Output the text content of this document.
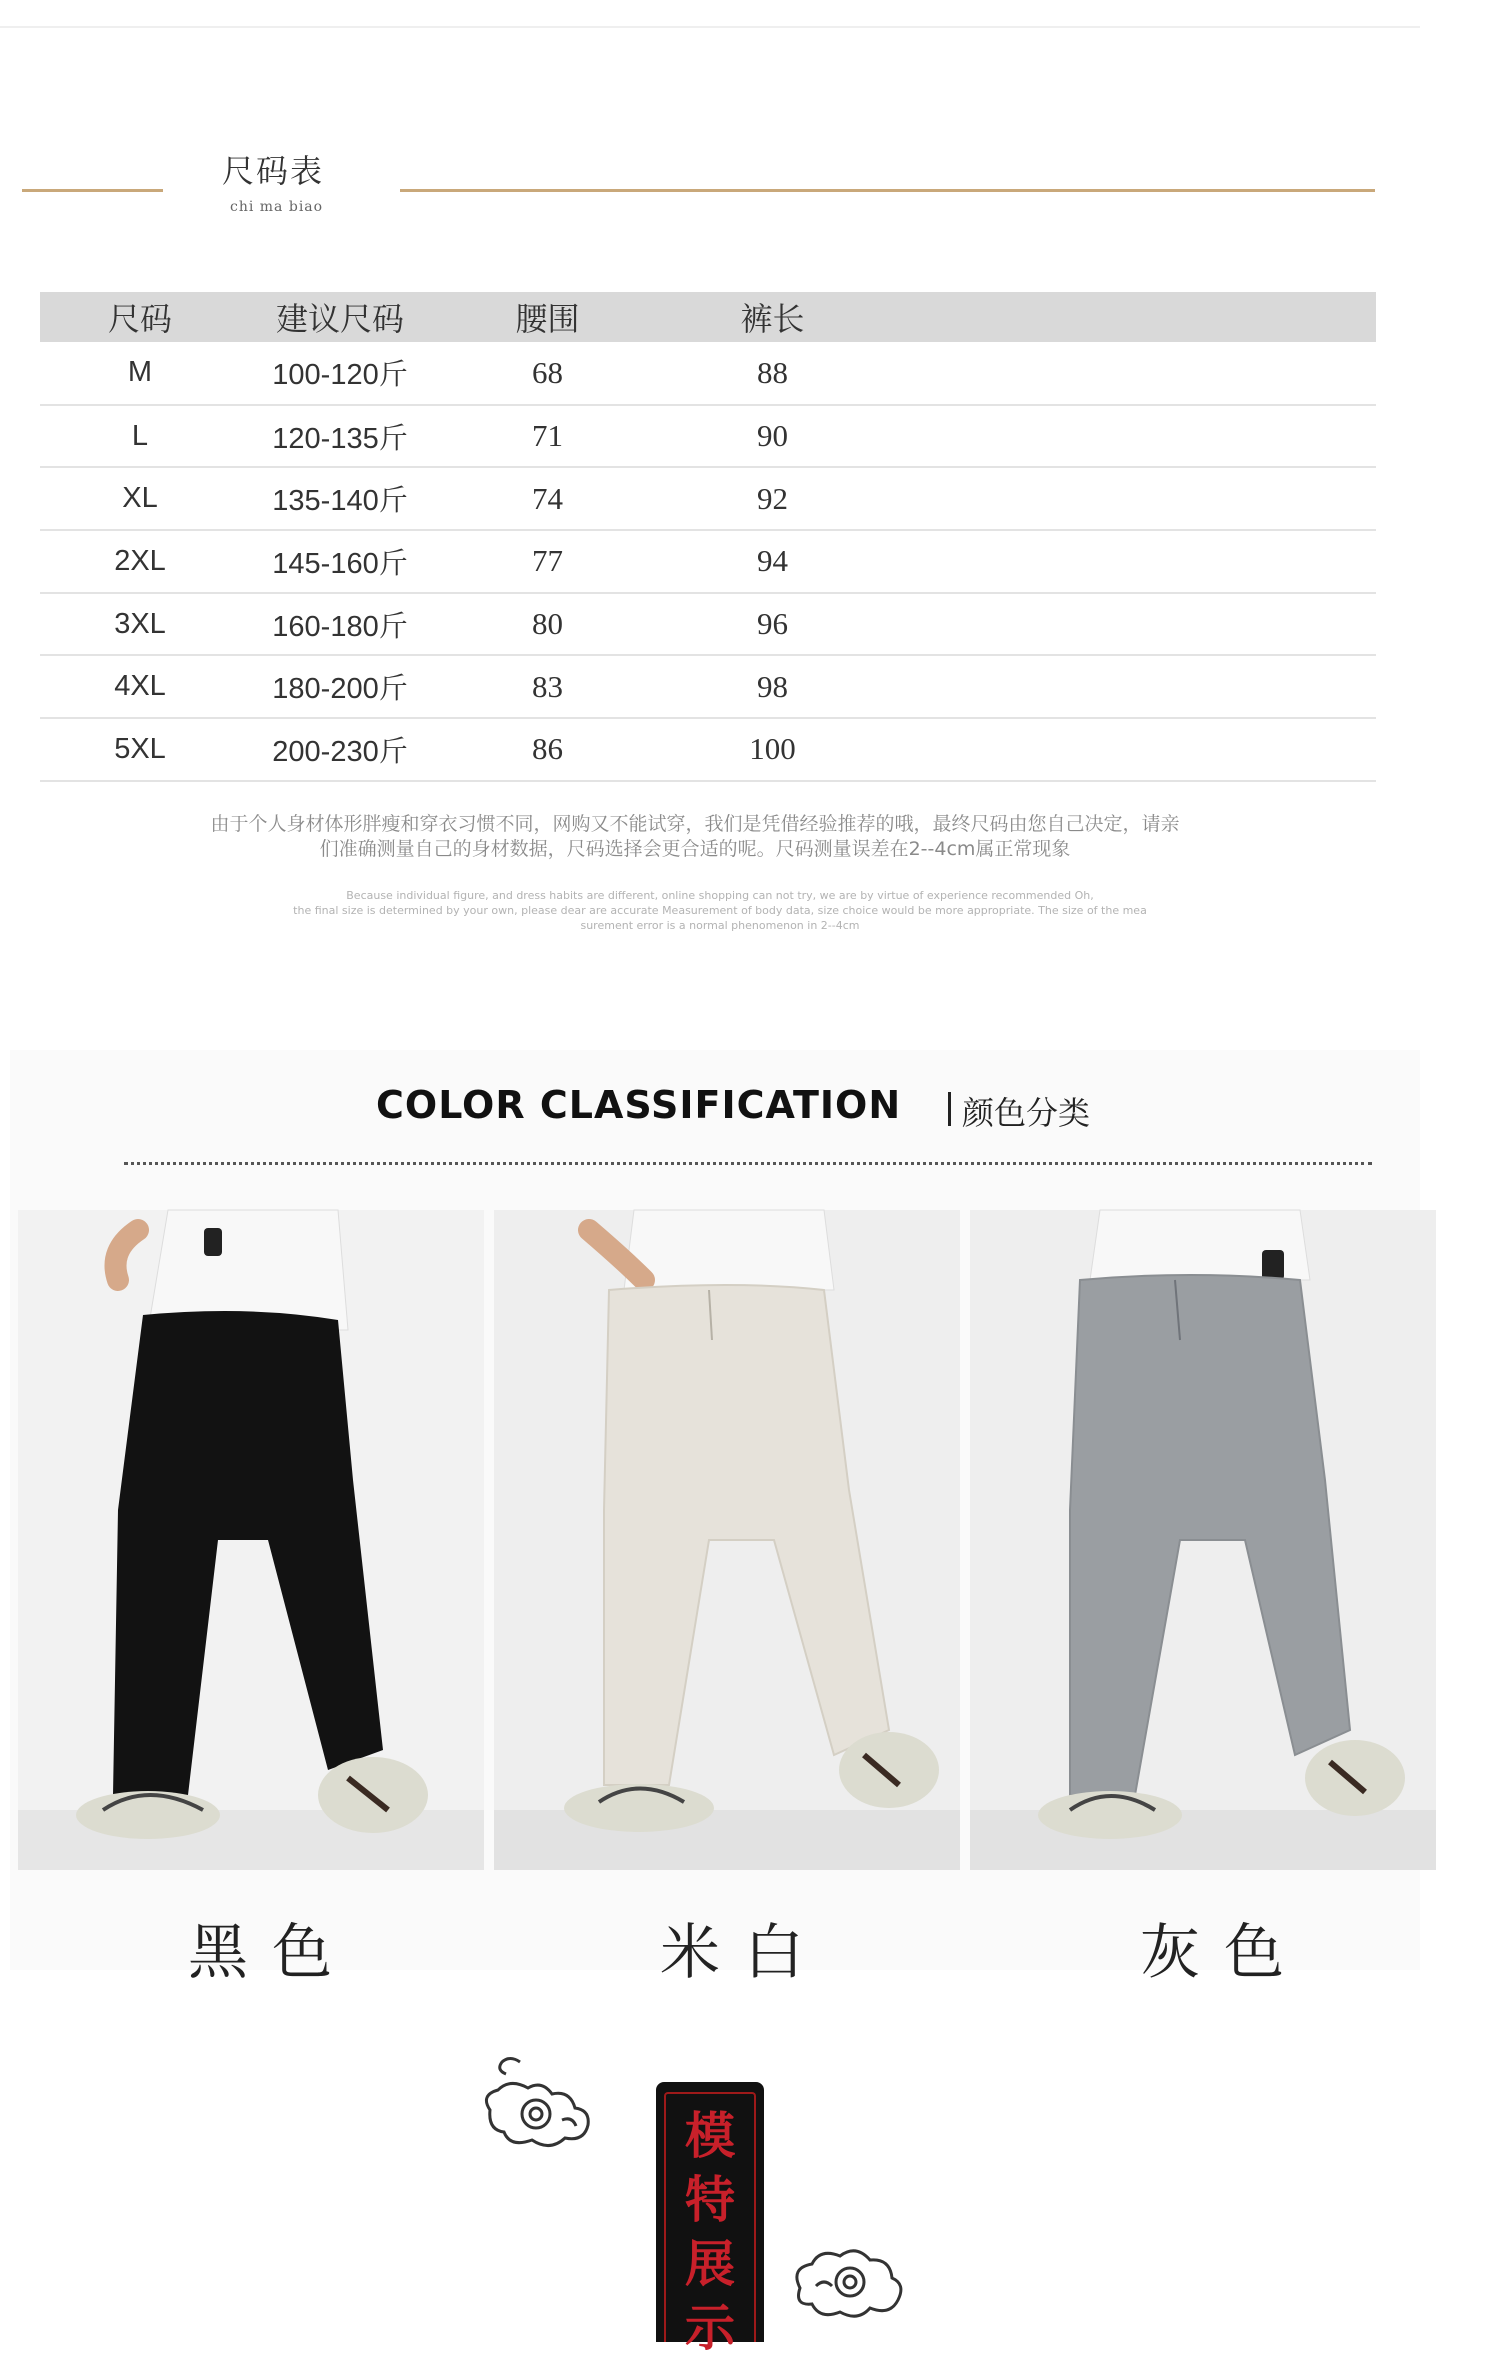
尺码表
chi ma biao
尺码	建议尺码	腰围	裤长	
M	100-120斤	68	88	
L	120-135斤	71	90	
XL	135-140斤	74	92	
2XL	145-160斤	77	94	
3XL	160-180斤	80	96	
4XL	180-200斤	83	98	
5XL	200-230斤	86	100	
由于个人身材体形胖瘦和穿衣习惯不同，网购又不能试穿，我们是凭借经验推荐的哦，最终尺码由您自己决定，请亲
们准确测量自己的身材数据，尺码选择会更合适的呢。尺码测量误差在2--4cm属正常现象
Because individual figure, and dress habits are different, online shopping can not try, we are by virtue of experience recommended Oh,
the final size is determined by your own, please dear are accurate Measurement of body data, size choice would be more appropriate. The size of the mea
surement error is a normal phenomenon in 2--4cm
COLOR CLASSIFICATION 颜色分类
黑色	米白	灰色
模
特
展
示
